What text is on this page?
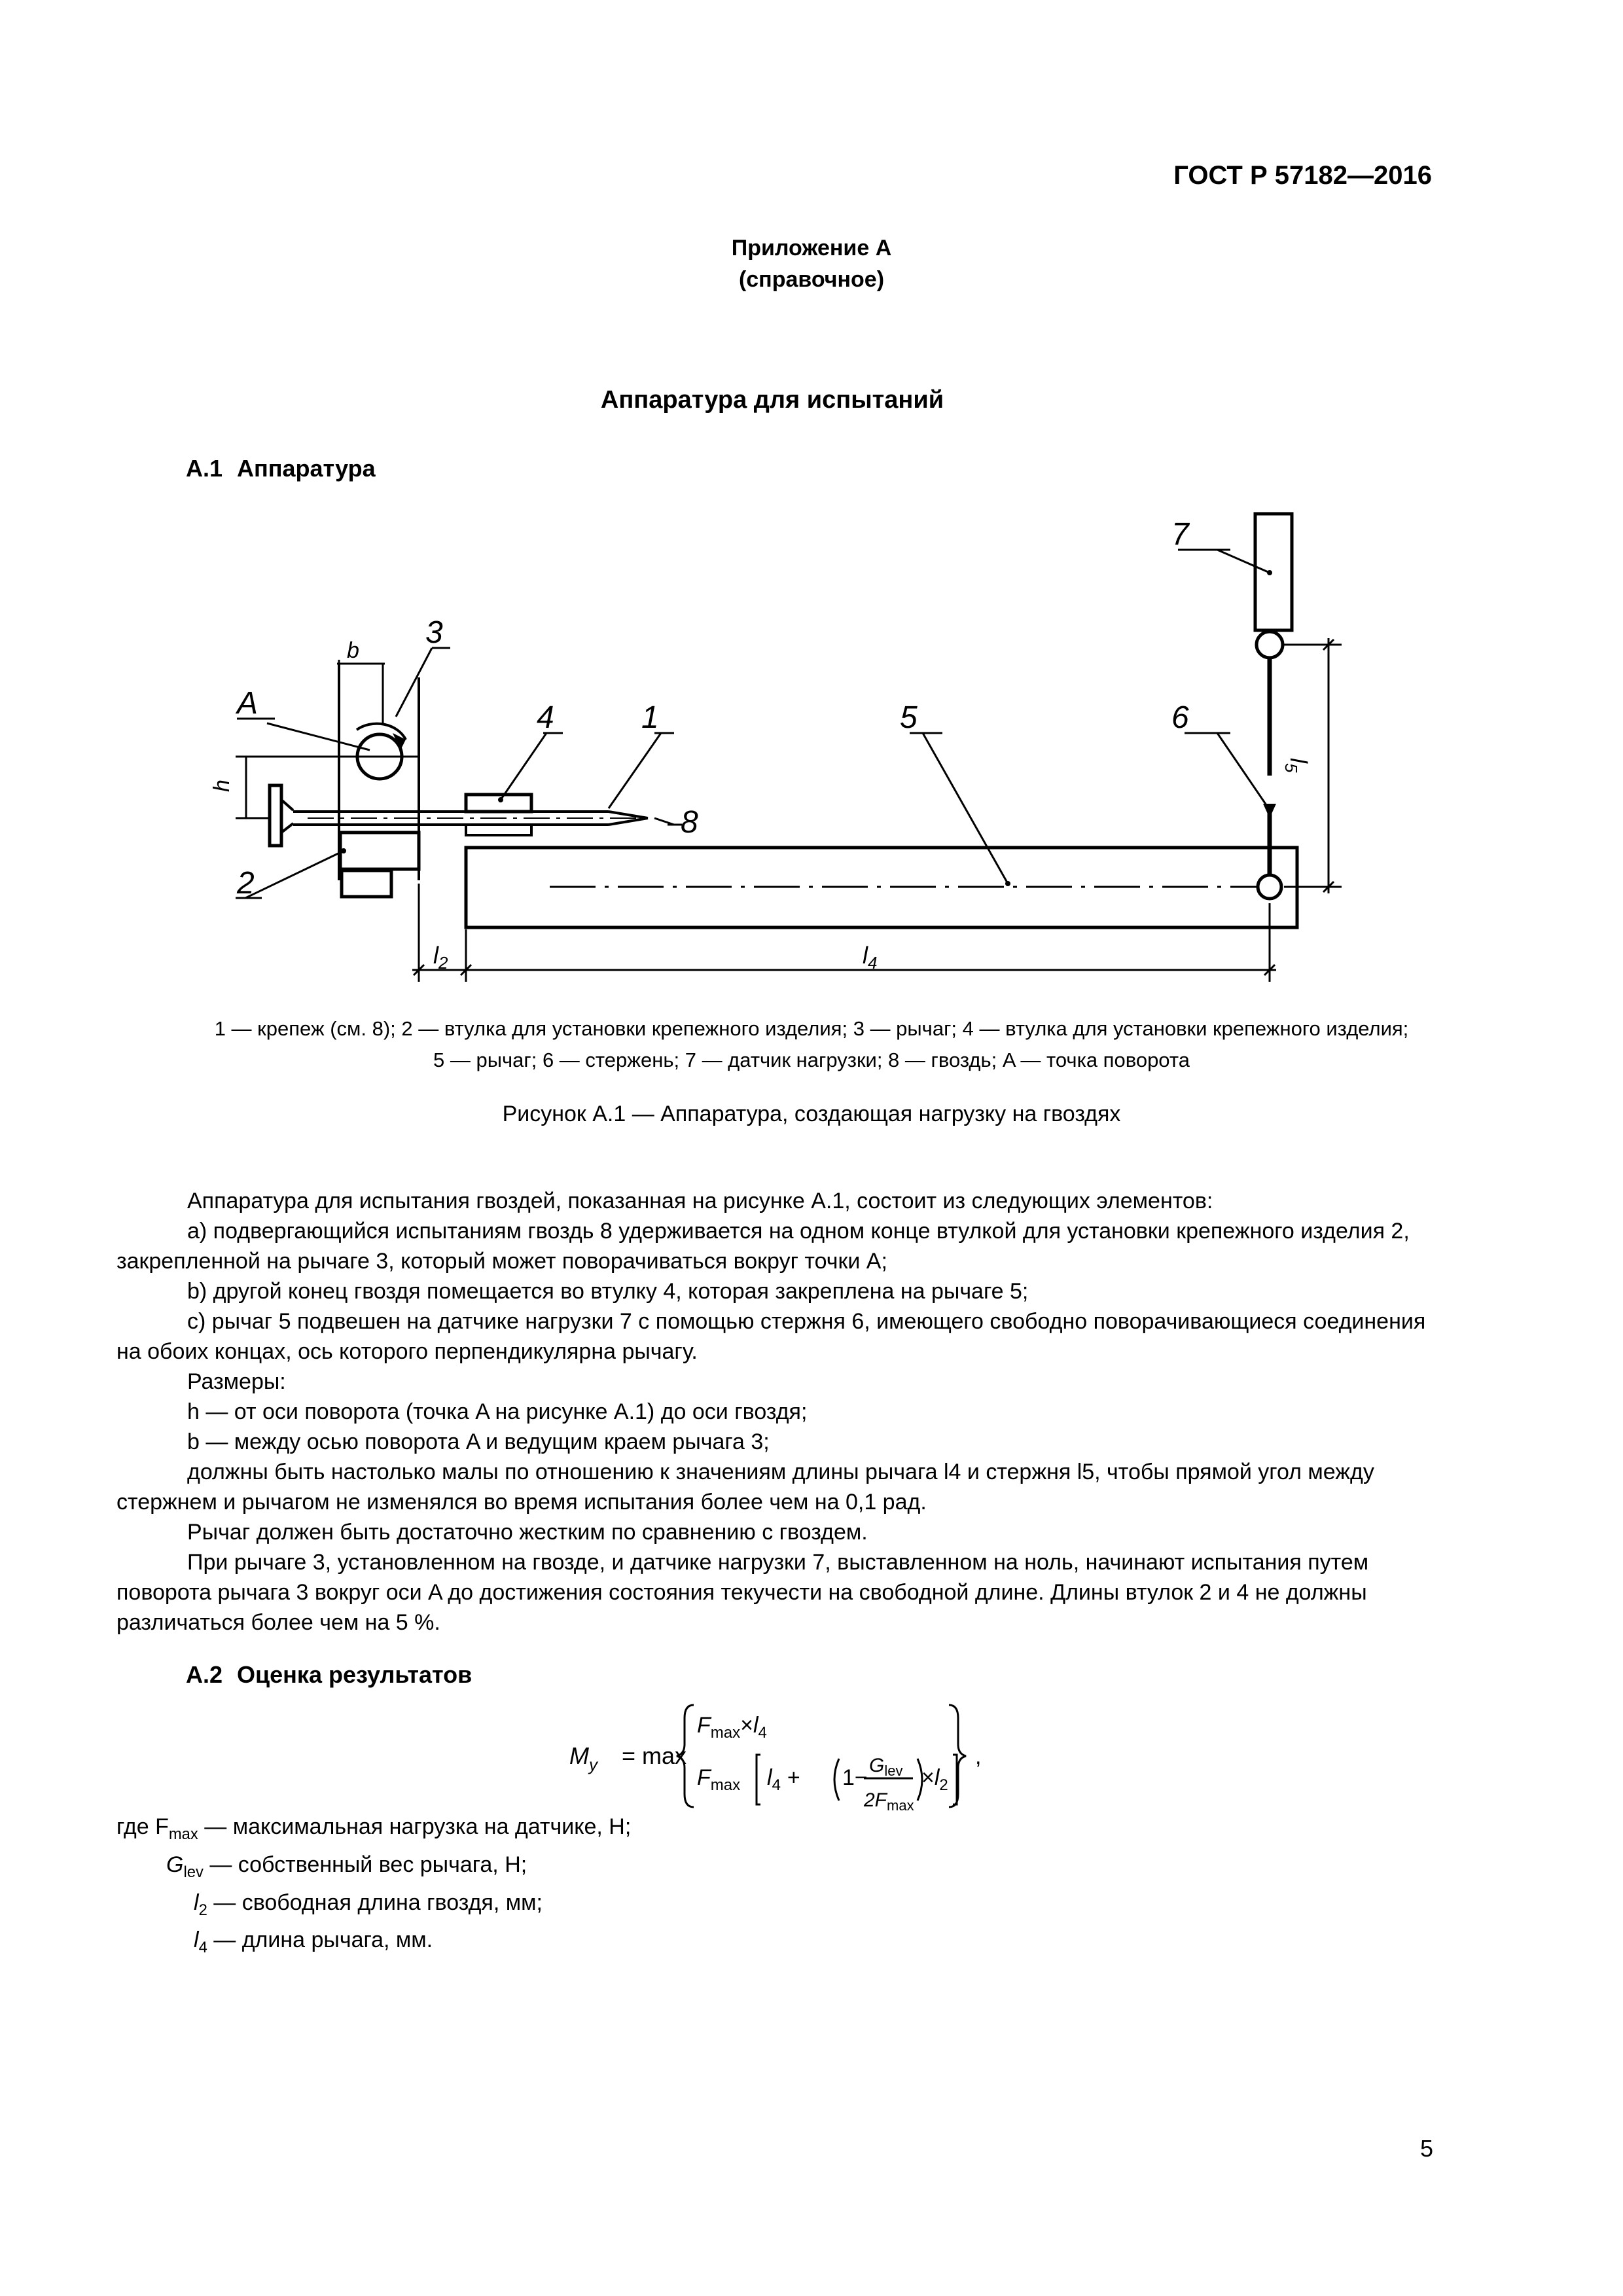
ГОСТ Р 57182—2016
Приложение А
(справочное)
Аппаратура для испытаний
А.1 Аппаратура
1
2
3
4	5	6
7
8
A
b
h
$l_2$	$l_4$
$l_5$
1 — крепеж (см. 8); 2 — втулка для установки крепежного изделия; 3 — рычаг; 4 — втулка для установки крепежного изделия;
5 — рычаг; 6 — стержень; 7 — датчик нагрузки; 8 — гвоздь; A — точка поворота
Рисунок А.1 — Аппаратура, создающая нагрузку на гвоздях

Аппаратура для испытания гвоздей, показанная на рисунке А.1, состоит из следующих элементов:

a) подвергающийся испытаниям гвоздь 8 удерживается на одном конце втулкой для установки крепежного изделия 2, закрепленной на рычаге 3, который может поворачиваться вокруг точки A;

b) другой конец гвоздя помещается во втулку 4, которая закреплена на рычаге 5;

c) рычаг 5 подвешен на датчике нагрузки 7 с помощью стержня 6, имеющего свободно поворачивающиеся соединения на обоих концах, ось которого перпендикулярна рычагу.

Размеры:

h — от оси поворота (точка A на рисунке А.1) до оси гвоздя;

b — между осью поворота A и ведущим краем рычага 3;

должны быть настолько малы по отношению к значениям длины рычага l4 и стержня l5, чтобы прямой угол между стержнем и рычагом не изменялся во время испытания более чем на 0,1 рад.

Рычаг должен быть достаточно жестким по сравнению с гвоздем.

При рычаге 3, установленном на гвозде, и датчике нагрузки 7, выставленном на ноль, начинают испытания путем поворота рычага 3 вокруг оси A до достижения состояния текучести на свободной длине. Длины втулок 2 и 4 не должны различаться более чем на 5 %.

А.2 Оценка результатов
$M_y = \max$
$F_{max}\times l_4$
$F_{max}$ $l_4 + 1- G_{lev}$
$2F_{max}$
$\times l_2$
,
где $F_{max}$ — максимальная нагрузка на датчике, Н;
$G_{lev}$ — собственный вес рычага, Н;
$l_2$ — свободная длина гвоздя, мм;
$l_4$ — длина рычага, мм.
5
